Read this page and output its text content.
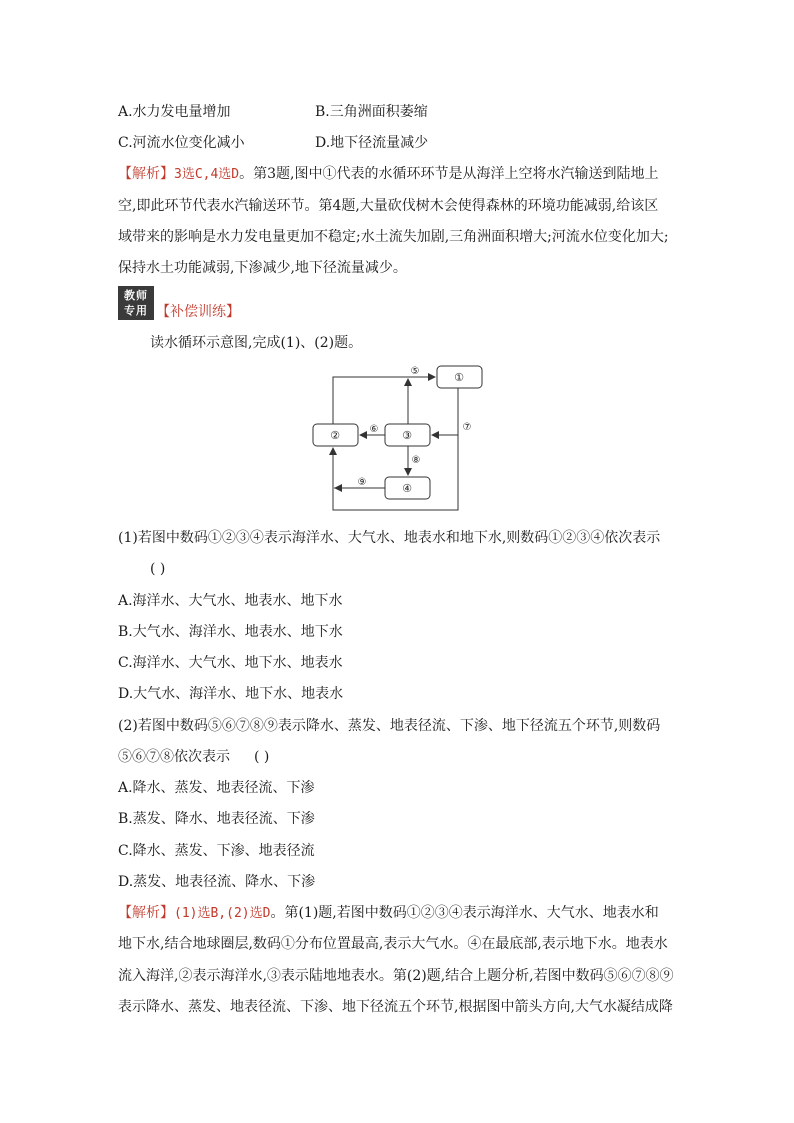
A.水力发电量增加	B.三角洲面积萎缩
C.河流水位变化减小	D.地下径流量减少
【解析】3选C,4选D。第3题,图中①代表的水循环环节是从海洋上空将水汽输送到陆地上
空,即此环节代表水汽输送环节。第4题,大量砍伐树木会使得森林的环境功能减弱,给该区
域带来的影响是水力发电量更加不稳定;水土流失加剧,三角洲面积增大;河流水位变化加大;
保持水土功能减弱,下渗减少,地下径流量减少。
教师
专用 【补偿训练】
读水循环示意图,完成(1)、(2)题。
①
②	③
④
⑤
⑥	⑦
⑧
⑨
(1)若图中数码①②③④表示海洋水、大气水、地表水和地下水,则数码①②③④依次表示
( )
A.海洋水、大气水、地表水、地下水
B.大气水、海洋水、地表水、地下水
C.海洋水、大气水、地下水、地表水
D.大气水、海洋水、地下水、地表水
(2)若图中数码⑤⑥⑦⑧⑨表示降水、蒸发、地表径流、下渗、地下径流五个环节,则数码
⑤⑥⑦⑧依次表示 ( )
A.降水、蒸发、地表径流、下渗
B.蒸发、降水、地表径流、下渗
C.降水、蒸发、下渗、地表径流
D.蒸发、地表径流、降水、下渗
【解析】(1)选B,(2)选D。第(1)题,若图中数码①②③④表示海洋水、大气水、地表水和
地下水,结合地球圈层,数码①分布位置最高,表示大气水。④在最底部,表示地下水。地表水
流入海洋,②表示海洋水,③表示陆地地表水。第(2)题,结合上题分析,若图中数码⑤⑥⑦⑧⑨
表示降水、蒸发、地表径流、下渗、地下径流五个环节,根据图中箭头方向,大气水凝结成降
